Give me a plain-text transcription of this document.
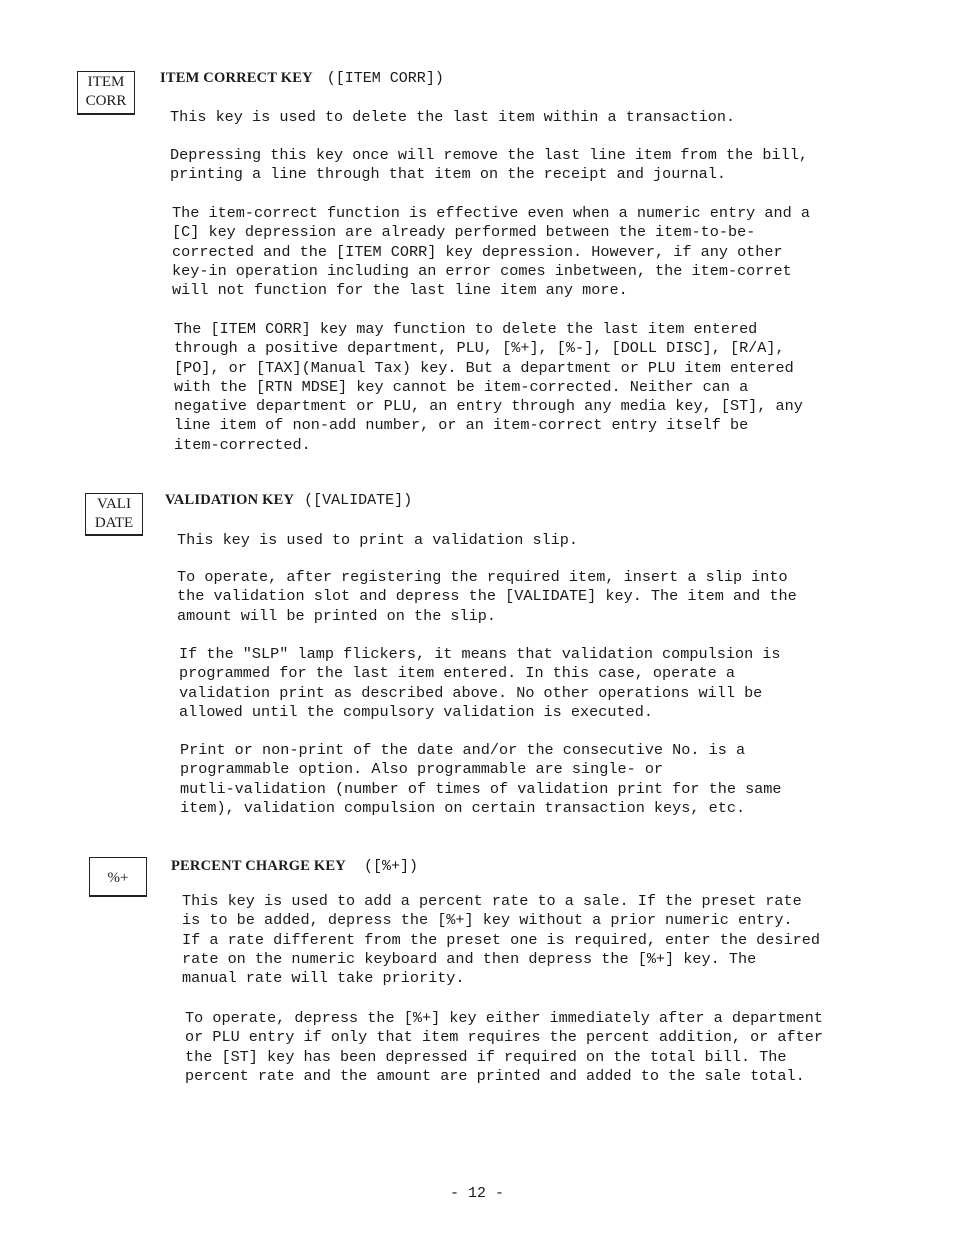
ITEM
CORR
ITEM CORRECT KEY ([ITEM CORR])
This key is used to delete the last item within a transaction.
Depressing this key once will remove the last line item from the bill,
printing a line through that item on the receipt and journal.
The item-correct function is effective even when a numeric entry and a
[C] key depression are already performed between the item-to-be-
corrected and the [ITEM CORR] key depression. However, if any other
key-in operation including an error comes inbetween, the item-corret
will not function for the last line item any more.
The [ITEM CORR] key may function to delete the last item entered
through a positive department, PLU, [%+], [%-], [DOLL DISC], [R/A],
[PO], or [TAX](Manual Tax) key. But a department or PLU item entered
with the [RTN MDSE] key cannot be item-corrected. Neither can a
negative department or PLU, an entry through any media key, [ST], any
line item of non-add number, or an item-correct entry itself be
item-corrected.
VALI
DATE
VALIDATION KEY ([VALIDATE])
This key is used to print a validation slip.
To operate, after registering the required item, insert a slip into
the validation slot and depress the [VALIDATE] key. The item and the
amount will be printed on the slip.
If the "SLP" lamp flickers, it means that validation compulsion is
programmed for the last item entered. In this case, operate a
validation print as described above. No other operations will be
allowed until the compulsory validation is executed.
Print or non-print of the date and/or the consecutive No. is a
programmable option. Also programmable are single- or
mutli-validation (number of times of validation print for the same
item), validation compulsion on certain transaction keys, etc.
%+
PERCENT CHARGE KEY ([%+])
This key is used to add a percent rate to a sale. If the preset rate
is to be added, depress the [%+] key without a prior numeric entry.
If a rate different from the preset one is required, enter the desired
rate on the numeric keyboard and then depress the [%+] key. The
manual rate will take priority.
To operate, depress the [%+] key either immediately after a department
or PLU entry if only that item requires the percent addition, or after
the [ST] key has been depressed if required on the total bill. The
percent rate and the amount are printed and added to the sale total.
- 12 -
